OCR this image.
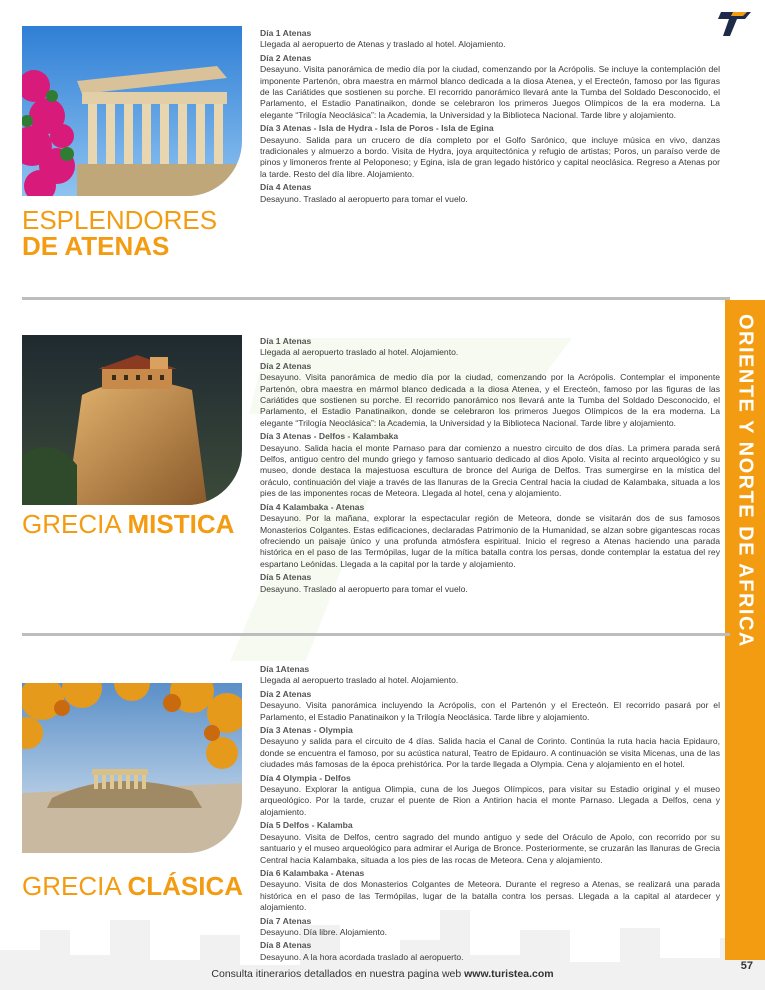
ORIENTE Y NORTE DE AFRICA
ESPLENDORES
DE ATENAS
Día 1 Atenas
Llegada al aeropuerto de Atenas y traslado al hotel. Alojamiento.
Día 2 Atenas
Desayuno. Visita panorámica de medio día por la ciudad, comenzando por la Acrópolis. Se incluye la contemplación del imponente Partenón, obra maestra en mármol blanco dedicada a la diosa Atenea, y el Erecteón, famoso por las figuras de las Cariátides que sostienen su porche. El recorrido panorámico llevará ante la Tumba del Soldado Desconocido, el Parlamento, el Estadio Panatinaikon, donde se celebraron los primeros Juegos Olímpicos de la era moderna. La elegante “Trilogía Neoclásica”: la Academia, la Universidad y la Biblioteca Nacional. Tarde libre y alojamiento.
Día 3 Atenas - Isla de Hydra - Isla de Poros - Isla de Egina
Desayuno. Salida para un crucero de día completo por el Golfo Sarónico, que incluye música en vivo, danzas tradicionales y almuerzo a bordo. Visita de Hydra, joya arquitectónica y refugio de artistas; Poros, un paraíso verde de pinos y limoneros frente al Peloponeso; y Egina, isla de gran legado histórico y capital neoclásica. Regreso a Atenas por la tarde. Resto del día libre. Alojamiento.
Día 4 Atenas
Desayuno. Traslado al aeropuerto para tomar el vuelo.
GRECIA MISTICA
Día 1 Atenas
Llegada al aeropuerto traslado al hotel. Alojamiento.
Día 2 Atenas
Desayuno. Visita panorámica de medio día por la ciudad, comenzando por la Acrópolis. Contemplar el imponente Partenón, obra maestra en mármol blanco dedicada a la diosa Atenea, y el Erecteón, famoso por las figuras de las Cariátides que sostienen su porche. El recorrido panorámico nos llevará ante la Tumba del Soldado Desconocido, el Parlamento, el Estadio Panatinaikon, donde se celebraron los primeros Juegos Olímpicos de la era moderna. La elegante “Trilogía Neoclásica”: la Academia, la Universidad y la Biblioteca Nacional. Tarde libre y alojamiento.
Día 3 Atenas - Delfos - Kalambaka
Desayuno. Salida hacia el monte Parnaso para dar comienzo a nuestro circuito de dos días. La primera parada será Delfos, antiguo centro del mundo griego y famoso santuario dedicado al dios Apolo. Visita al recinto arqueológico y su museo, donde destaca la majestuosa escultura de bronce del Auriga de Delfos. Tras sumergirse en la mística del oráculo, continuación del viaje a través de las llanuras de la Grecia Central hacia la ciudad de Kalambaka, situada a los pies de las imponentes rocas de Meteora. Llegada al hotel, cena y alojamiento.
Día 4 Kalambaka - Atenas
Desayuno. Por la mañana, explorar la espectacular región de Meteora, donde se visitarán dos de sus famosos Monasterios Colgantes. Estas edificaciones, declaradas Patrimonio de la Humanidad, se alzan sobre gigantescas rocas ofreciendo un paisaje único y una profunda atmósfera espiritual. Inicio el regreso a Atenas haciendo una parada histórica en el paso de las Termópilas, lugar de la mítica batalla contra los persas, donde contemplar la estatua del rey espartano Leónidas. Llegada a la capital por la tarde y alojamiento.
Día 5 Atenas
Desayuno. Traslado al aeropuerto para tomar el vuelo.
GRECIA CLÁSICA
Día 1Atenas
Llegada al aeropuerto traslado al hotel. Alojamiento.
Día 2 Atenas
Desayuno. Visita panorámica incluyendo la Acrópolis, con el Partenón y el Erecteón. El recorrido pasará por el Parlamento, el Estadio Panatinaikon y la Trilogía Neoclásica. Tarde libre y alojamiento.
Día 3 Atenas - Olympia
Desayuno y salida para el circuito de 4 días. Salida hacia el Canal de Corinto. Continúa la ruta hacia hacia Epidauro, donde se encuentra el famoso, por su acústica natural, Teatro de Epidauro. A continuación se visita Micenas, una de las ciudades más famosas de la época prehistórica. Por la tarde llegada a Olympia. Cena y alojamiento en el hotel.
Día 4 Olympia - Delfos
Desayuno. Explorar la antigua Olimpia, cuna de los Juegos Olímpicos, para visitar su Estadio original y el museo arqueológico. Por la tarde, cruzar el puente de Rion a Antirion hacia el monte Parnaso. Llegada a Delfos, cena y alojamiento.
Día 5 Delfos - Kalamba
Desayuno. Visita de Delfos, centro sagrado del mundo antiguo y sede del Oráculo de Apolo, con recorrido por su santuario y el museo arqueológico para admirar el Auriga de Bronce. Posteriormente, se cruzarán las llanuras de Grecia Central hacia Kalambaka, situada a los pies de las rocas de Meteora. Cena y alojamiento.
Día 6 Kalambaka - Atenas
Desayuno. Visita de dos Monasterios Colgantes de Meteora. Durante el regreso a Atenas, se realizará una parada histórica en el paso de las Termópilas, lugar de la batalla contra los persas. Llegada a la capital al atardecer y alojamiento.
Día 7 Atenas
Desayuno. Día libre. Alojamiento.
Día 8 Atenas
Desayuno. A la hora acordada traslado al aeropuerto.
57
Consulta itinerarios detallados en nuestra pagina web www.turistea.com
